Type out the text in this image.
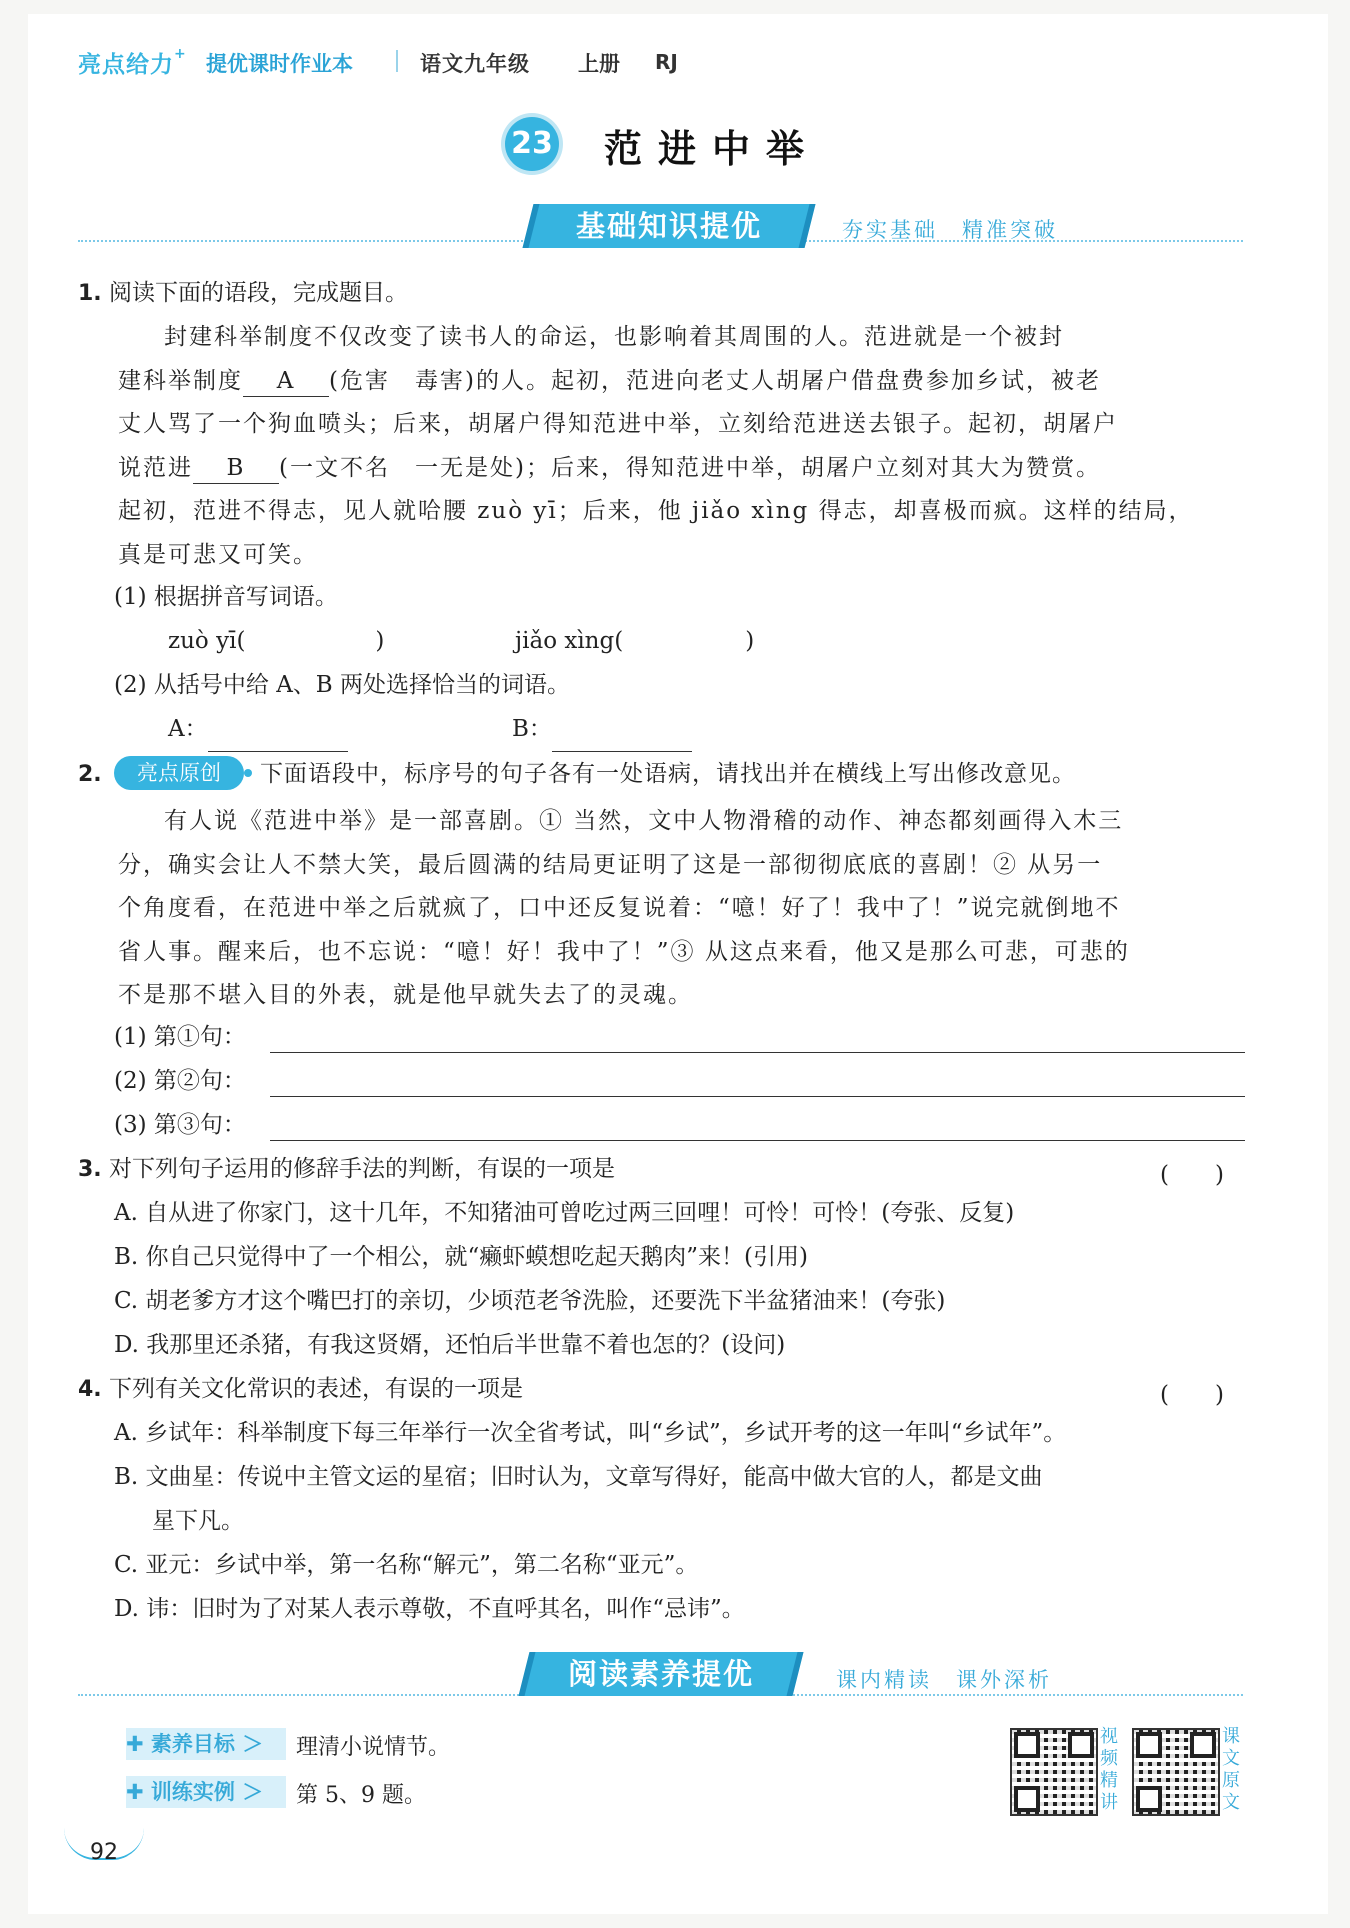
亮点给力+ 提优课时作业本	语文九年级 上册 RJ
23 范进中举
基础知识提优	夯实基础　精准突破
1. 阅读下面的语段，完成题目。
封建科举制度不仅改变了读书人的命运，也影响着其周围的人。范进就是一个被封
建科举制度 A (危害　毒害)的人。起初，范进向老丈人胡屠户借盘费参加乡试，被老
丈人骂了一个狗血喷头；后来，胡屠户得知范进中举，立刻给范进送去银子。起初，胡屠户
说范进 B (一文不名　一无是处)；后来，得知范进中举，胡屠户立刻对其大为赞赏。
起初，范进不得志，见人就哈腰 zuò yī；后来，他 jiǎo xìng 得志，却喜极而疯。这样的结局，
真是可悲又可笑。
(1) 根据拼音写词语。
zuò yī(	)	jiǎo xìng(	)
(2) 从括号中给 A、B 两处选择恰当的词语。
A：	B：
2.	亮点原创	下面语段中，标序号的句子各有一处语病，请找出并在横线上写出修改意见。
有人说《范进中举》是一部喜剧。① 当然，文中人物滑稽的动作、神态都刻画得入木三
分，确实会让人不禁大笑，最后圆满的结局更证明了这是一部彻彻底底的喜剧！② 从另一
个角度看，在范进中举之后就疯了，口中还反复说着：“噫！好了！我中了！”说完就倒地不
省人事。醒来后，也不忘说：“噫！好！我中了！”③ 从这点来看，他又是那么可悲，可悲的
不是那不堪入目的外表，就是他早就失去了的灵魂。
(1) 第①句：
(2) 第②句：
(3) 第③句：
3. 对下列句子运用的修辞手法的判断，有误的一项是	(　　)
A. 自从进了你家门，这十几年，不知猪油可曾吃过两三回哩！可怜！可怜！(夸张、反复)
B. 你自己只觉得中了一个相公，就“癞虾蟆想吃起天鹅肉”来！(引用)
C. 胡老爹方才这个嘴巴打的亲切，少顷范老爷洗脸，还要洗下半盆猪油来！(夸张)
D. 我那里还杀猪，有我这贤婿，还怕后半世靠不着也怎的？(设问)
4. 下列有关文化常识的表述，有误的一项是	(　　)
A. 乡试年：科举制度下每三年举行一次全省考试，叫“乡试”，乡试开考的这一年叫“乡试年”。
B. 文曲星：传说中主管文运的星宿；旧时认为，文章写得好，能高中做大官的人，都是文曲
星下凡。
C. 亚元：乡试中举，第一名称“解元”，第二名称“亚元”。
D. 讳：旧时为了对某人表示尊敬，不直呼其名，叫作“忌讳”。
阅读素养提优	课内精读　课外深析
✚ 素养目标 ＞	理清小说情节。
✚ 训练实例 ＞	第 5、9 题。
视
频
精
讲
课
文
原
文
92
